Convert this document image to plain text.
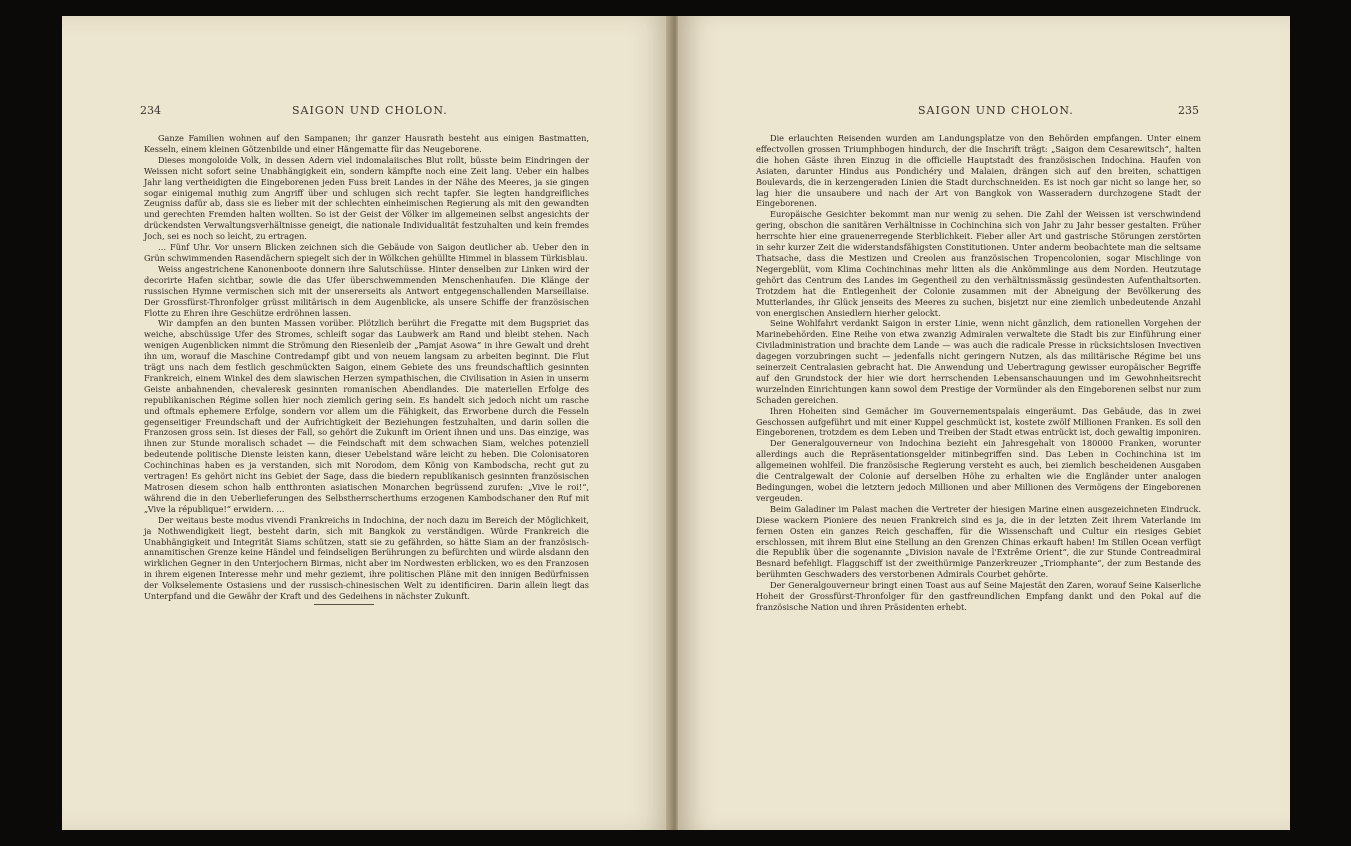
234	SAIGON UND CHOLON.

Ganze Familien wohnen auf den Sampanen; ihr ganzer Hausrath besteht aus einigen Bastmatten, Kesseln, einem kleinen Götzenbilde und einer Hängematte für das Neugeborene.

Dieses mongoloide Volk, in dessen Adern viel indomalaiisches Blut rollt, büsste beim Eindringen der Weissen nicht sofort seine Unabhängigkeit ein, sondern kämpfte noch eine Zeit lang. Ueber ein halbes Jahr lang vertheidigten die Eingeborenen jeden Fuss breit Landes in der Nähe des Meeres, ja sie gingen sogar einigemal muthig zum Angriff über und schlugen sich recht tapfer. Sie legten handgreifliches Zeugniss dafür ab, dass sie es lieber mit der schlechten einheimischen Regierung als mit den gewandten und gerechten Fremden halten wollten. So ist der Geist der Völker im allgemeinen selbst angesichts der drückendsten Verwaltungsverhältnisse geneigt, die nationale Individualität festzuhalten und kein fremdes Joch, sei es noch so leicht, zu ertragen.

… Fünf Uhr. Vor unsern Blicken zeichnen sich die Gebäude von Saigon deutlicher ab. Ueber den in Grün schwimmenden Rasendächern spiegelt sich der in Wölkchen gehüllte Himmel in blassem Türkisblau.

Weiss angestrichene Kanonenboote donnern ihre Salutschüsse. Hinter denselben zur Linken wird der decorirte Hafen sichtbar, sowie die das Ufer überschwemmenden Menschenhaufen. Die Klänge der russischen Hymne vermischen sich mit der unsererseits als Antwort entgegenschallenden Marseillaise. Der Grossfürst-Thronfolger grüsst militärisch in dem Augenblicke, als unsere Schiffe der französischen Flotte zu Ehren ihre Geschütze erdröhnen lassen.

Wir dampfen an den bunten Massen vorüber. Plötzlich berührt die Fregatte mit dem Bugspriet das weiche, abschüssige Ufer des Stromes, schleift sogar das Laubwerk am Rand und bleibt stehen. Nach wenigen Augenblicken nimmt die Strömung den Riesenleib der „Pamjat Asowa“ in ihre Gewalt und dreht ihn um, worauf die Maschine Contredampf gibt und von neuem langsam zu arbeiten beginnt. Die Flut trägt uns nach dem festlich geschmückten Saigon, einem Gebiete des uns freundschaftlich gesinnten Frankreich, einem Winkel des dem slawischen Herzen sympathischen, die Civilisation in Asien in unserm Geiste anbahnenden, chevaleresk gesinnten romanischen Abendlandes. Die materiellen Erfolge des republikanischen Régime sollen hier noch ziemlich gering sein. Es handelt sich jedoch nicht um rasche und oftmals ephemere Erfolge, sondern vor allem um die Fähigkeit, das Erworbene durch die Fesseln gegenseitiger Freundschaft und der Aufrichtigkeit der Beziehungen festzuhalten, und darin sollen die Franzosen gross sein. Ist dieses der Fall, so gehört die Zukunft im Orient ihnen und uns. Das einzige, was ihnen zur Stunde moralisch schadet — die Feindschaft mit dem schwachen Siam, welches potenziell bedeutende politische Dienste leisten kann, dieser Uebelstand wäre leicht zu heben. Die Colonisatoren Cochinchinas haben es ja verstanden, sich mit Norodom, dem König von Kambodscha, recht gut zu vertragen! Es gehört nicht ins Gebiet der Sage, dass die biedern republikanisch gesinnten französischen Matrosen diesem schon halb entthronten asiatischen Monarchen begrüssend zurufen: „Vive le roi!“, während die in den Ueberlieferungen des Selbstherrscherthums erzogenen Kambodschaner den Ruf mit „Vive la république!“ erwidern. …

Der weitaus beste modus vivendi Frankreichs in Indochina, der noch dazu im Bereich der Möglichkeit, ja Nothwendigkeit liegt, besteht darin, sich mit Bangkok zu verständigen. Würde Frankreich die Unabhängigkeit und Integrität Siams schützen, statt sie zu gefährden, so hätte Siam an der französisch-annamitischen Grenze keine Händel und feindseligen Berührungen zu befürchten und würde alsdann den wirklichen Gegner in den Unterjochern Birmas, nicht aber im Nordwesten erblicken, wo es den Franzosen in ihrem eigenen Interesse mehr und mehr geziemt, ihre politischen Pläne mit den innigen Bedürfnissen der Volkselemente Ostasiens und der russisch-chinesischen Welt zu identificiren. Darin allein liegt das Unterpfand und die Gewähr der Kraft und des Gedeihens in nächster Zukunft.

SAIGON UND CHOLON.	235

Die erlauchten Reisenden wurden am Landungsplatze von den Behörden empfangen. Unter einem effectvollen grossen Triumphbogen hindurch, der die Inschrift trägt: „Saigon dem Cesarewitsch“, halten die hohen Gäste ihren Einzug in die officielle Hauptstadt des französischen Indochina. Haufen von Asiaten, darunter Hindus aus Pondichéry und Malaien, drängen sich auf den breiten, schattigen Boulevards, die in kerzengeraden Linien die Stadt durchschneiden. Es ist noch gar nicht so lange her, so lag hier die unsaubere und nach der Art von Bangkok von Wasseradern durchzogene Stadt der Eingeborenen.

Europäische Gesichter bekommt man nur wenig zu sehen. Die Zahl der Weissen ist verschwindend gering, obschon die sanitären Verhältnisse in Cochinchina sich von Jahr zu Jahr besser gestalten. Früher herrschte hier eine grauenerregende Sterblichkeit. Fieber aller Art und gastrische Störungen zerstörten in sehr kurzer Zeit die widerstandsfähigsten Constitutionen. Unter anderm beobachtete man die seltsame Thatsache, dass die Mestizen und Creolen aus französischen Tropencolonien, sogar Mischlinge von Negergeblüt, vom Klima Cochinchinas mehr litten als die Ankömmlinge aus dem Norden. Heutzutage gehört das Centrum des Landes im Gegentheil zu den verhältnissmässig gesündesten Aufenthaltsorten. Trotzdem hat die Entlegenheit der Colonie zusammen mit der Abneigung der Bevölkerung des Mutterlandes, ihr Glück jenseits des Meeres zu suchen, bisjetzt nur eine ziemlich unbedeutende Anzahl von energischen Ansiedlern hierher gelockt.

Seine Wohlfahrt verdankt Saigon in erster Linie, wenn nicht gänzlich, dem rationellen Vorgehen der Marinebehörden. Eine Reihe von etwa zwanzig Admiralen verwaltete die Stadt bis zur Einführung einer Civiladministration und brachte dem Lande — was auch die radicale Presse in rücksichtslosen Invectiven dagegen vorzubringen sucht — jedenfalls nicht geringern Nutzen, als das militärische Régime bei uns seinerzeit Centralasien gebracht hat. Die Anwendung und Uebertragung gewisser europäischer Begriffe auf den Grundstock der hier wie dort herrschenden Lebensanschauungen und im Gewohnheitsrecht wurzelnden Einrichtungen kann sowol dem Prestige der Vormünder als den Eingeborenen selbst nur zum Schaden gereichen.

Ihren Hoheiten sind Gemächer im Gouvernementspalais eingeräumt. Das Gebäude, das in zwei Geschossen aufgeführt und mit einer Kuppel geschmückt ist, kostete zwölf Millionen Franken. Es soll den Eingeborenen, trotzdem es dem Leben und Treiben der Stadt etwas entrückt ist, doch gewaltig imponiren.

Der Generalgouverneur von Indochina bezieht ein Jahresgehalt von 180000 Franken, worunter allerdings auch die Repräsentationsgelder mitinbegriffen sind. Das Leben in Cochinchina ist im allgemeinen wohlfeil. Die französische Regierung versteht es auch, bei ziemlich bescheidenen Ausgaben die Centralgewalt der Colonie auf derselben Höhe zu erhalten wie die Engländer unter analogen Bedingungen, wobei die letztern jedoch Millionen und aber Millionen des Vermögens der Eingeborenen vergeuden.

Beim Galadiner im Palast machen die Vertreter der hiesigen Marine einen ausgezeichneten Eindruck. Diese wackern Pioniere des neuen Frankreich sind es ja, die in der letzten Zeit ihrem Vaterlande im fernen Osten ein ganzes Reich geschaffen, für die Wissenschaft und Cultur ein riesiges Gebiet erschlossen, mit ihrem Blut eine Stellung an den Grenzen Chinas erkauft haben! Im Stillen Ocean verfügt die Republik über die sogenannte „Division navale de l'Extrême Orient“, die zur Stunde Contreadmiral Besnard befehligt. Flaggschiff ist der zweithürmige Panzerkreuzer „Triomphante“, der zum Bestande des berühmten Geschwaders des verstorbenen Admirals Courbet gehörte.

Der Generalgouverneur bringt einen Toast aus auf Seine Majestät den Zaren, worauf Seine Kaiserliche Hoheit der Grossfürst-Thronfolger für den gastfreundlichen Empfang dankt und den Pokal auf die französische Nation und ihren Präsidenten erhebt.
